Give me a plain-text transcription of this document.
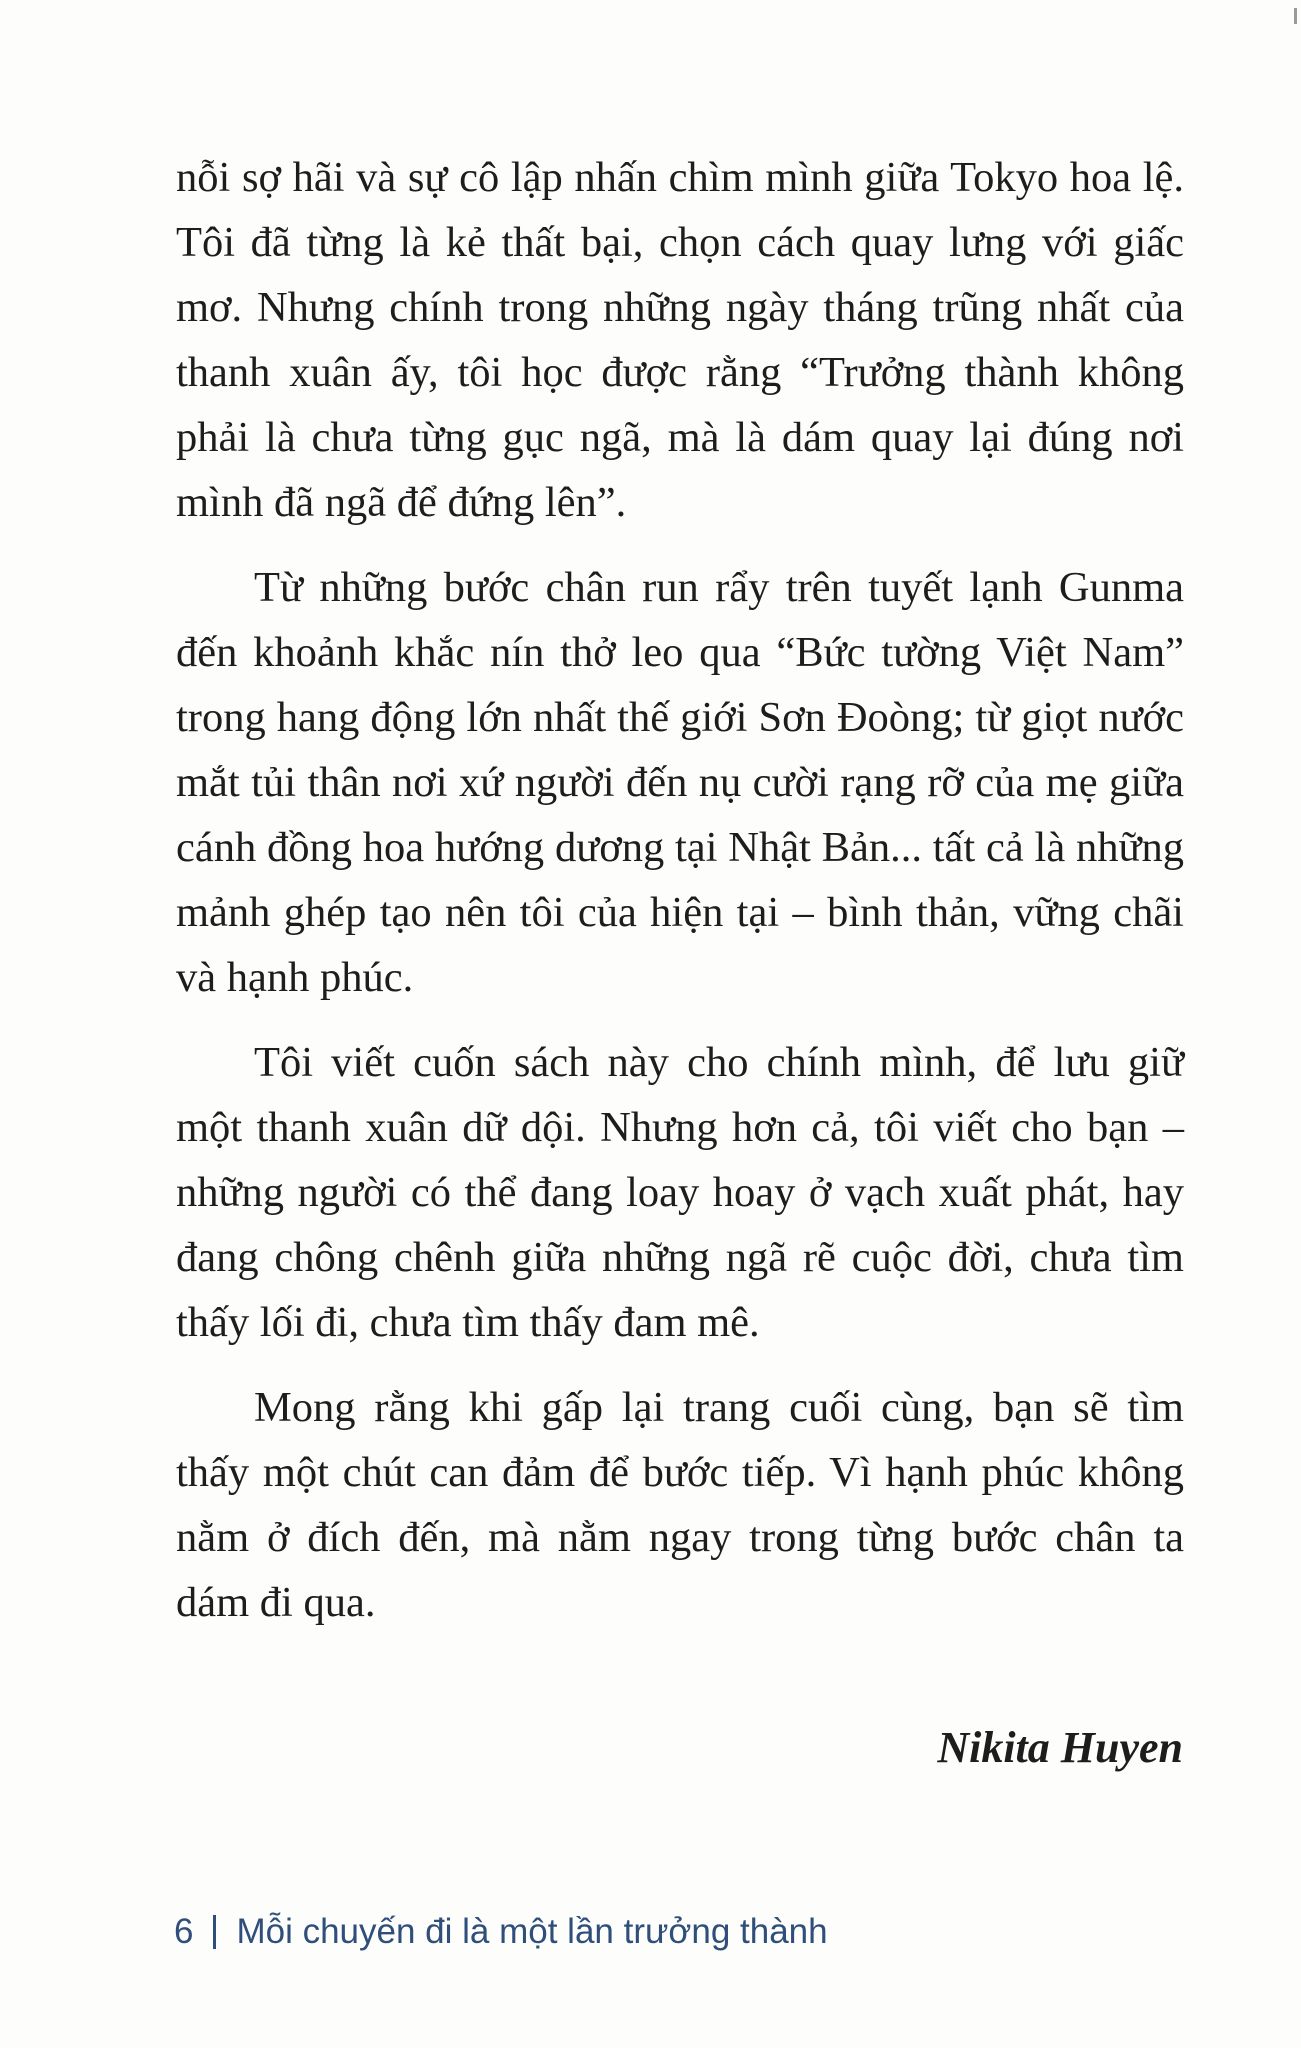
nỗi sợ hãi và sự cô lập nhấn chìm mình giữa Tokyo hoa lệ. Tôi đã từng là kẻ thất bại, chọn cách quay lưng với giấc mơ. Nhưng chính trong những ngày tháng trũng nhất của thanh xuân ấy, tôi học được rằng “Trưởng thành không phải là chưa từng gục ngã, mà là dám quay lại đúng nơi mình đã ngã để đứng lên”.

Từ những bước chân run rẩy trên tuyết lạnh Gunma đến khoảnh khắc nín thở leo qua “Bức tường Việt Nam” trong hang động lớn nhất thế giới Sơn Đoòng; từ giọt nước mắt tủi thân nơi xứ người đến nụ cười rạng rỡ của mẹ giữa cánh đồng hoa hướng dương tại Nhật Bản... tất cả là những mảnh ghép tạo nên tôi của hiện tại – bình thản, vững chãi và hạnh phúc.

Tôi viết cuốn sách này cho chính mình, để lưu giữ một thanh xuân dữ dội. Nhưng hơn cả, tôi viết cho bạn – những người có thể đang loay hoay ở vạch xuất phát, hay đang chông chênh giữa những ngã rẽ cuộc đời, chưa tìm thấy lối đi, chưa tìm thấy đam mê.

Mong rằng khi gấp lại trang cuối cùng, bạn sẽ tìm thấy một chút can đảm để bước tiếp. Vì hạnh phúc không nằm ở đích đến, mà nằm ngay trong từng bước chân ta dám đi qua.

Nikita Huyen
6 Mỗi chuyến đi là một lần trưởng thành
